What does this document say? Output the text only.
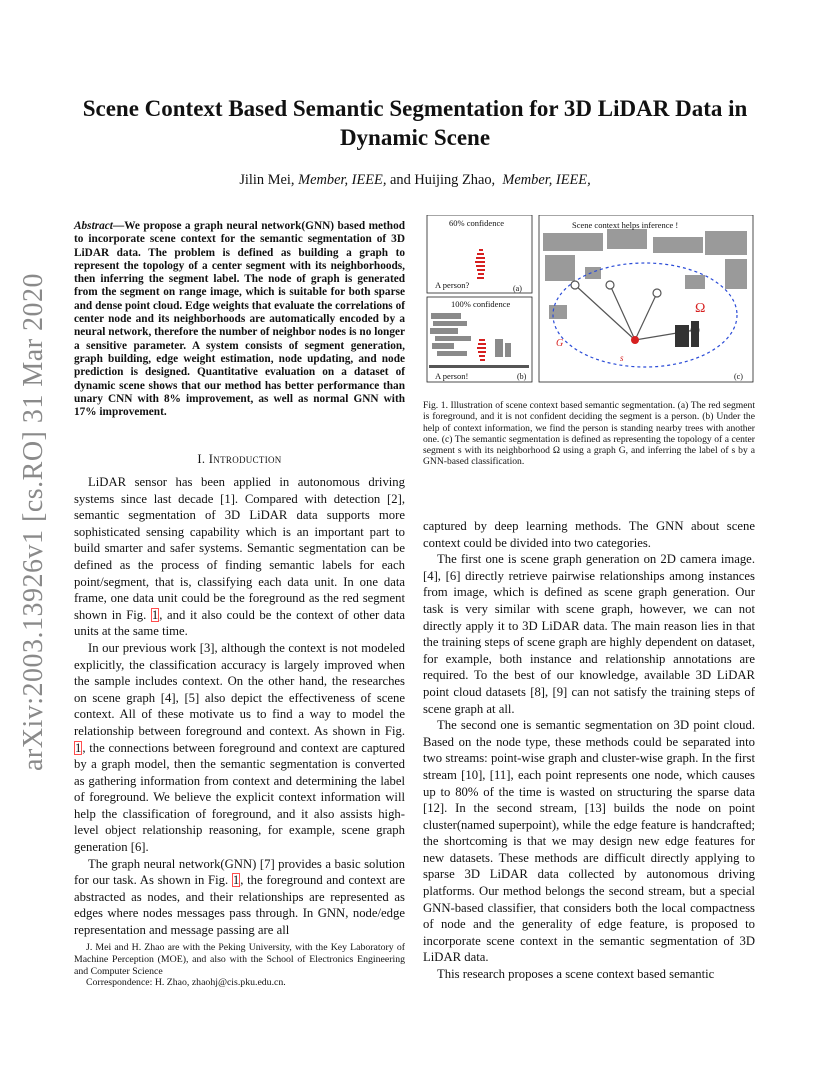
arXiv:2003.13926v1 [cs.RO] 31 Mar 2020
Scene Context Based Semantic Segmentation for 3D LiDAR Data in
Dynamic Scene
Jilin Mei, Member, IEEE, and Huijing Zhao, Member, IEEE,
Abstract—We propose a graph neural network(GNN) based method to incorporate scene context for the semantic segmentation of 3D LiDAR data. The problem is defined as building a graph to represent the topology of a center segment with its neighborhoods, then inferring the segment label. The node of graph is generated from the segment on range image, which is suitable for both sparse and dense point cloud. Edge weights that evaluate the correlations of center node and its neighborhoods are automatically encoded by a neural network, therefore the number of neighbor nodes is no longer a sensitive parameter. A system consists of segment generation, graph building, edge weight estimation, node updating, and node prediction is designed. Quantitative evaluation on a dataset of dynamic scene shows that our method has better performance than unary CNN with 8% improvement, as well as normal GNN with 17% improvement.
I. Introduction

LiDAR sensor has been applied in autonomous driving systems since last decade [1]. Compared with detection [2], semantic segmentation of 3D LiDAR data supports more sophisticated sensing capability which is an important part to build smarter and safer systems. Semantic segmentation can be defined as the process of finding semantic labels for each point/segment, that is, classifying each data unit. In one data frame, one data unit could be the foreground as the red segment shown in Fig. 1, and it also could be the context of other data units at the same time.

In our previous work [3], although the context is not modeled explicitly, the classification accuracy is largely improved when the sample includes context. On the other hand, the researches on scene graph [4], [5] also depict the effectiveness of scene context. All of these motivate us to find a way to model the relationship between foreground and context. As shown in Fig. 1, the connections between foreground and context are captured by a graph model, then the semantic segmentation is converted as gathering information from context and determining the label of foreground. We believe the explicit context information will help the classification of foreground, and it also assists high-level object relationship reasoning, for example, scene graph generation [6].

The graph neural network(GNN) [7] provides a basic solution for our task. As shown in Fig. 1, the foreground and context are abstracted as nodes, and their relationships are represented as edges where nodes messages pass through. In GNN, node/edge representation and message passing are all

J. Mei and H. Zhao are with the Peking University, with the Key Laboratory of Machine Perception (MOE), and also with the School of Electronics Engineering and Computer Science

Correspondence: H. Zhao, zhaohj@cis.pku.edu.cn.

60% confidence
A person?	(a)
100% confidence
A person!	(b)
Scene context helps inference !
Ω
G
s
(c)
Fig. 1. Illustration of scene context based semantic segmentation. (a) The red segment is foreground, and it is not confident deciding the segment is a person. (b) Under the help of context information, we find the person is standing nearby trees with another one. (c) The semantic segmentation is defined as representing the topology of a center segment s with its neighborhood Ω using a graph G, and inferring the label of s by a GNN-based classification.

captured by deep learning methods. The GNN about scene context could be divided into two categories.

The first one is scene graph generation on 2D camera image. [4], [6] directly retrieve pairwise relationships among instances from image, which is defined as scene graph generation. Our task is very similar with scene graph, however, we can not directly apply it to 3D LiDAR data. The main reason lies in that the training steps of scene graph are highly dependent on dataset, for example, both instance and relationship annotations are required. To the best of our knowledge, available 3D LiDAR point cloud datasets [8], [9] can not satisfy the training steps of scene graph at all.

The second one is semantic segmentation on 3D point cloud. Based on the node type, these methods could be separated into two streams: point-wise graph and cluster-wise graph. In the first stream [10], [11], each point represents one node, which causes up to 80% of the time is wasted on structuring the sparse data [12]. In the second stream, [13] builds the node on point cluster(named superpoint), while the edge feature is handcrafted; the shortcoming is that we may design new edge features for new datasets. These methods are difficult directly applying to sparse 3D LiDAR data collected by autonomous driving platforms. Our method belongs the second stream, but a special GNN-based classifier, that considers both the local compactness of node and the generality of edge feature, is proposed to incorporate scene context in the semantic segmentation of 3D LiDAR data.

This research proposes a scene context based semantic
